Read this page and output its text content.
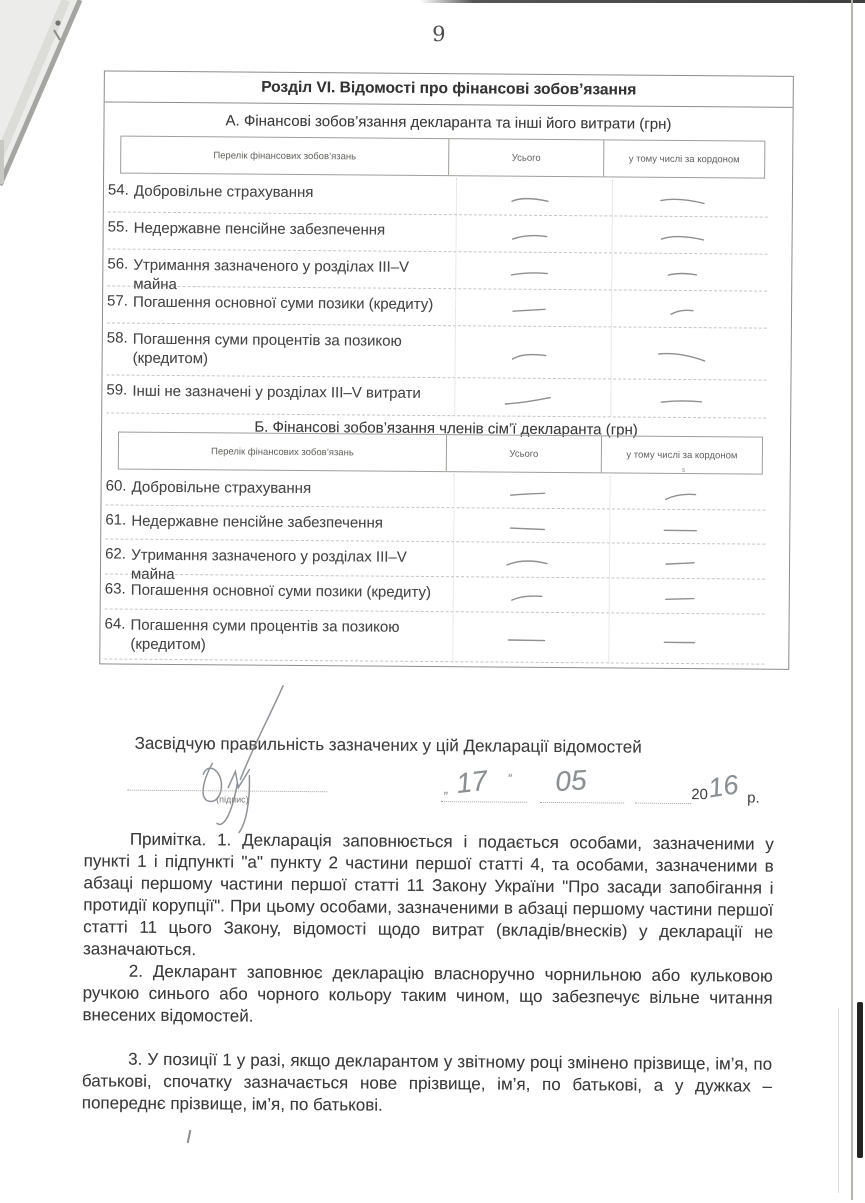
9
Розділ VI. Відомості про фінансові зобов’язання
А. Фінансові зобов’язання декларанта та інші його витрати (грн)
Перелік фінансових зобов’язань	Усього	у тому числі за кордоном
54. Добровільне страхування
55. Недержавне пенсійне забезпечення
56. Утримання зазначеного у розділах III–V майна
57. Погашення основної суми позики (кредиту)
58. Погашення суми процентів за позикою
(кредитом)
59. Інші не зазначені у розділах III–V витрати
Б. Фінансові зобов’язання членів сім’ї декларанта (грн)
Перелік фінансових зобов’язань	Усього	у тому числі за кордоном
s
60. Добровільне страхування
61. Недержавне пенсійне забезпечення
62. Утримання зазначеного у розділах III–V майна
63. Погашення основної суми позики (кредиту)
64. Погашення суми процентів за позикою
(кредитом)
Засвідчую правильність зазначених у цій Декларації відомостей
(підпис)
„ 17 “ 05	20
16 р.

Примітка. 1. Декларація заповнюється і подається особами, зазначеними у пункті 1 і підпункті "а" пункту 2 частини першої статті 4, та особами, зазначеними в абзаці першому частини першої статті 11 Закону України "Про засади запобігання і протидії корупції". При цьому особами, зазначеними в абзаці першому частини першої статті 11 цього Закону, відомості щодо витрат (вкладів/внесків) у декларації не зазначаються.

2. Декларант заповнює декларацію власноручно чорнильною або кульковою ручкою синього або чорного кольору таким чином, що забезпечує вільне читання внесених відомостей.

3. У позиції 1 у разі, якщо декларантом у звітному році змінено прізвище, ім’я, по батькові, спочатку зазначається нове прізвище, ім’я, по батькові, а у дужках – попереднє прізвище, ім’я, по батькові.
